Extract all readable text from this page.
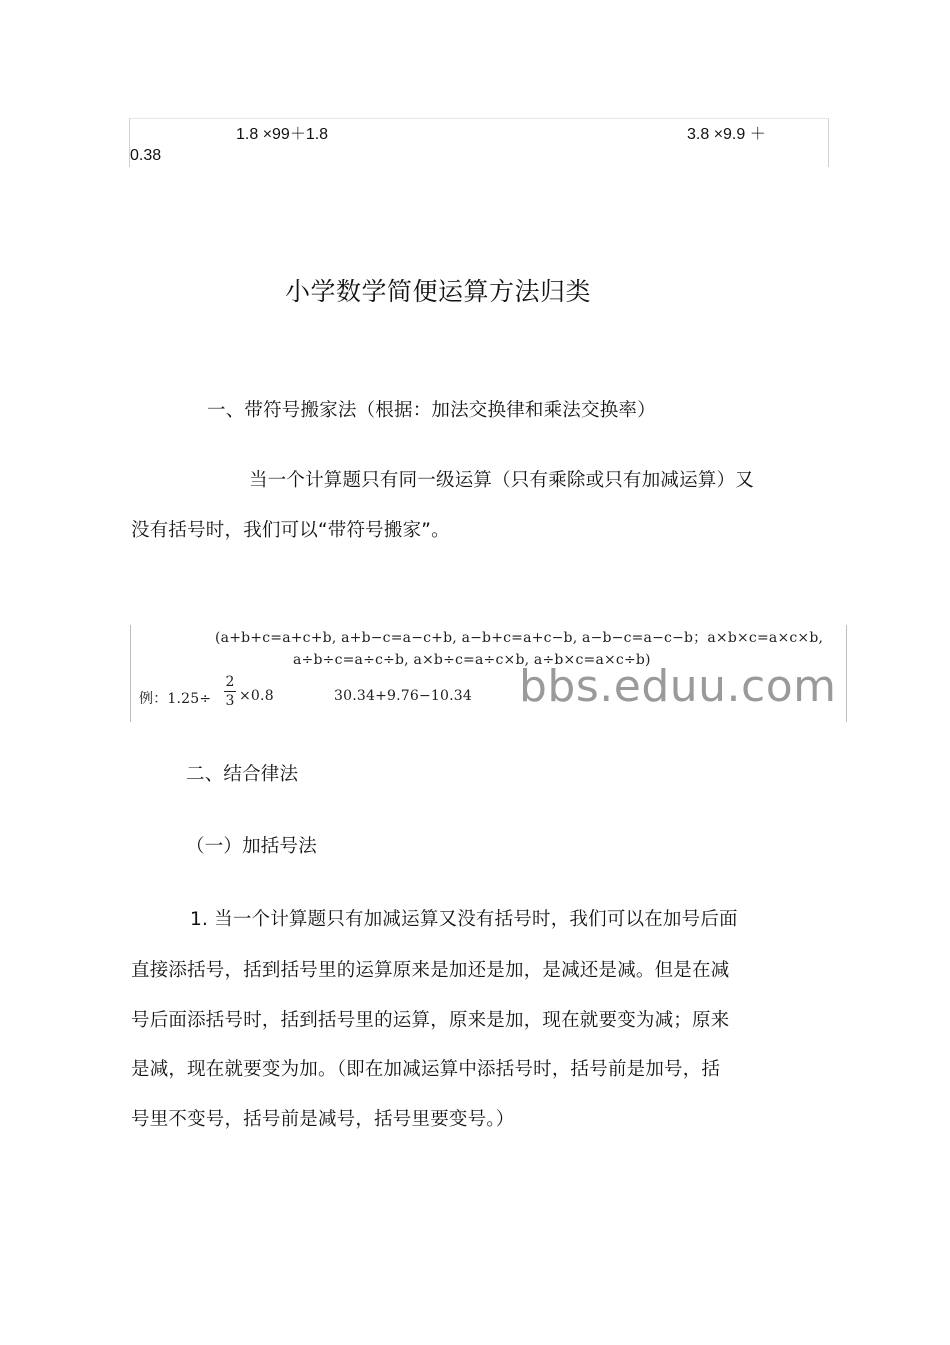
1.8 ×99＋1.8	3.8 ×9.9 ＋
0.38
小学数学简便运算方法归类
一、带符号搬家法（根据：加法交换律和乘法交换率）
当一个计算题只有同一级运算（只有乘除或只有加减运算）又
没有括号时，我们可以“带符号搬家”。
(a+b+c=a+c+b, a+b−c=a−c+b, a−b+c=a+c−b, a−b−c=a−c−b；a×b×c=a×c×b,
a÷b÷c=a÷c÷b, a×b÷c=a÷c×b, a÷b×c=a×c÷b)
例：1.25÷
2
3 ×0.8	30.34+9.76−10.34 bbs.eduu.com
二、结合律法
（一）加括号法
1. 当一个计算题只有加减运算又没有括号时，我们可以在加号后面
直接添括号，括到括号里的运算原来是加还是加，是减还是减。但是在减
号后面添括号时，括到括号里的运算，原来是加，现在就要变为减；原来
是减，现在就要变为加。（即在加减运算中添括号时，括号前是加号，括
号里不变号，括号前是减号，括号里要变号。）
